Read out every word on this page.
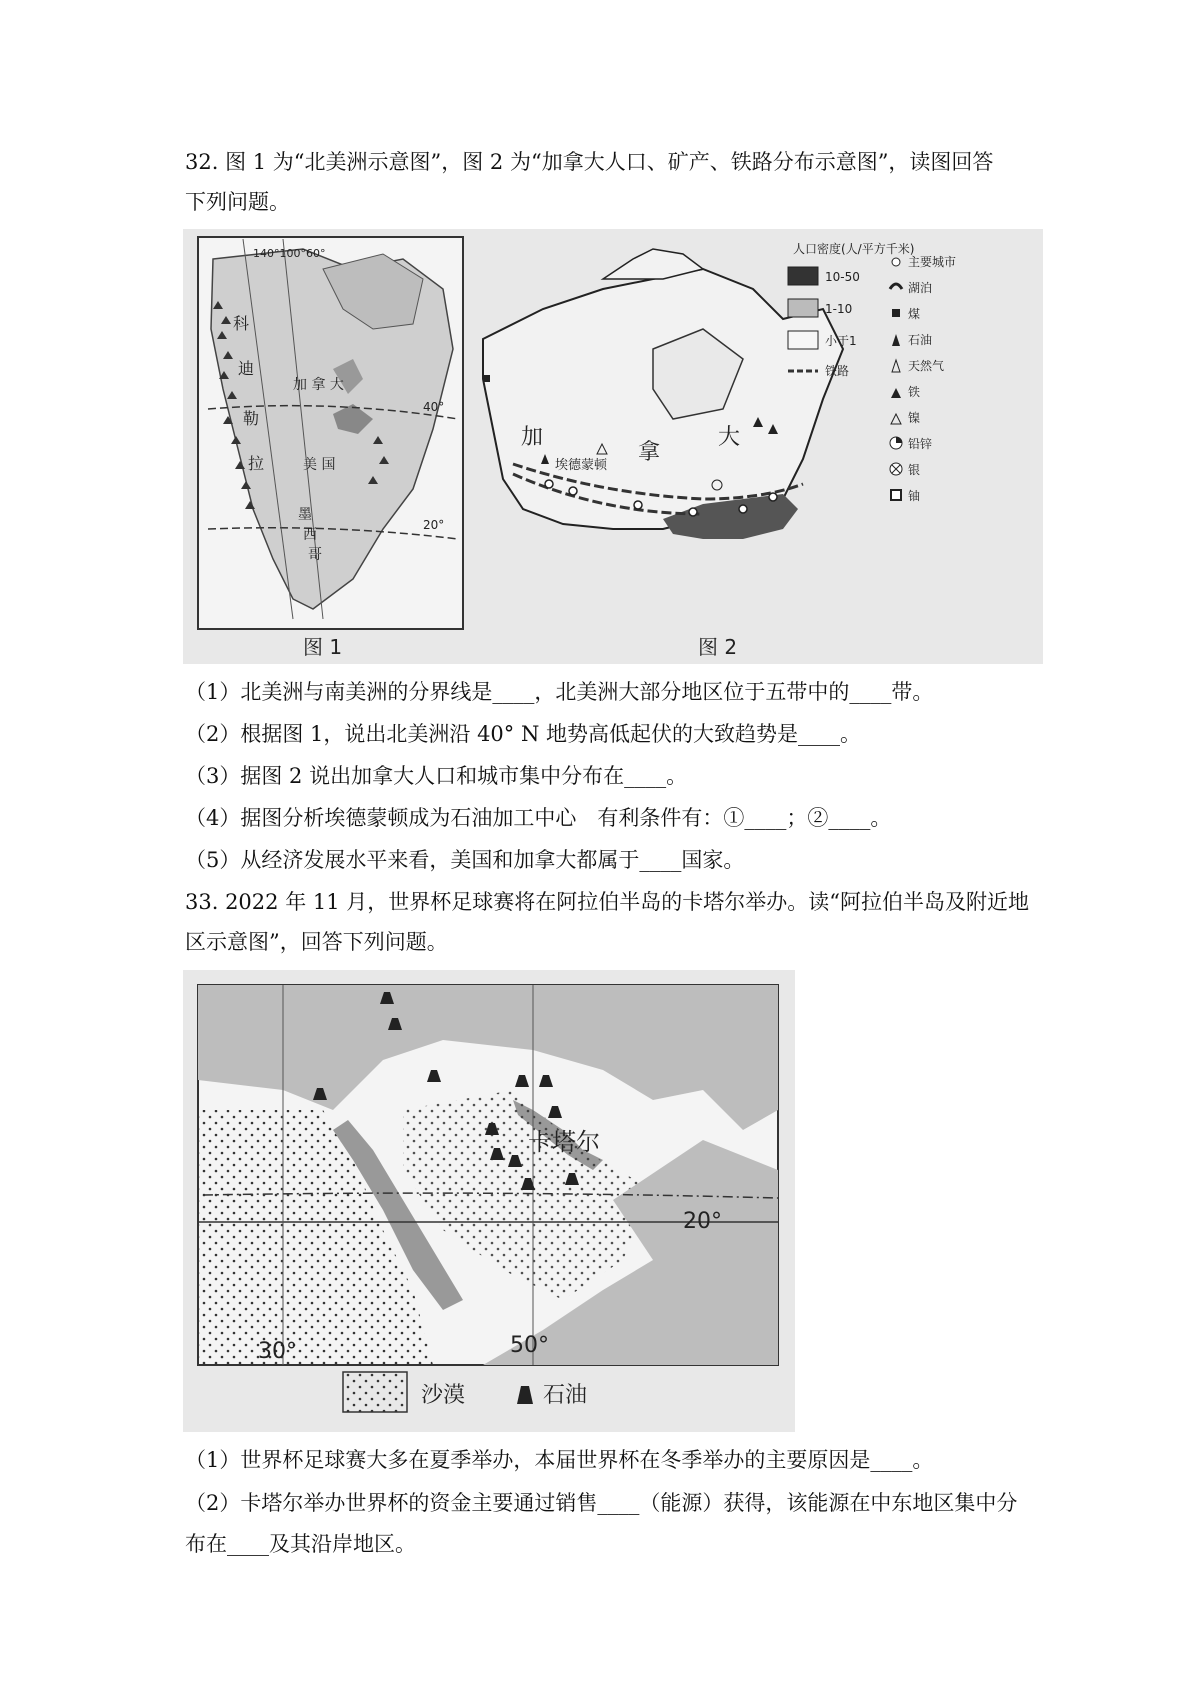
32. 图 1 为“北美洲示意图”，图 2 为“加拿大人口、矿产、铁路分布示意图”，读图回答
下列问题。
140°100°60°
40°
20°
科
迪
勒
拉
加 拿 大
美 国
墨
西
哥
加
拿
大
埃德蒙顿
人口密度(人/平方千米)
10-50
1-10
小于1
铁路
主要城市
湖泊
煤
石油
天然气
铁
镍
铅锌
银
铀
图 1	图 2
（1）北美洲与南美洲的分界线是____，北美洲大部分地区位于五带中的____带。
（2）根据图 1，说出北美洲沿 40° N 地势高低起伏的大致趋势是____。
（3）据图 2 说出加拿大人口和城市集中分布在____。
（4）据图分析埃德蒙顿成为石油加工中心　有利条件有：①____；②____。
（5）从经济发展水平来看，美国和加拿大都属于____国家。
33. 2022 年 11 月，世界杯足球赛将在阿拉伯半岛的卡塔尔举办。读“阿拉伯半岛及附近地
区示意图”，回答下列问题。
卡塔尔
20°
30°	50°
沙漠	石油
（1）世界杯足球赛大多在夏季举办，本届世界杯在冬季举办的主要原因是____。
（2）卡塔尔举办世界杯的资金主要通过销售____（能源）获得，该能源在中东地区集中分
布在____及其沿岸地区。
